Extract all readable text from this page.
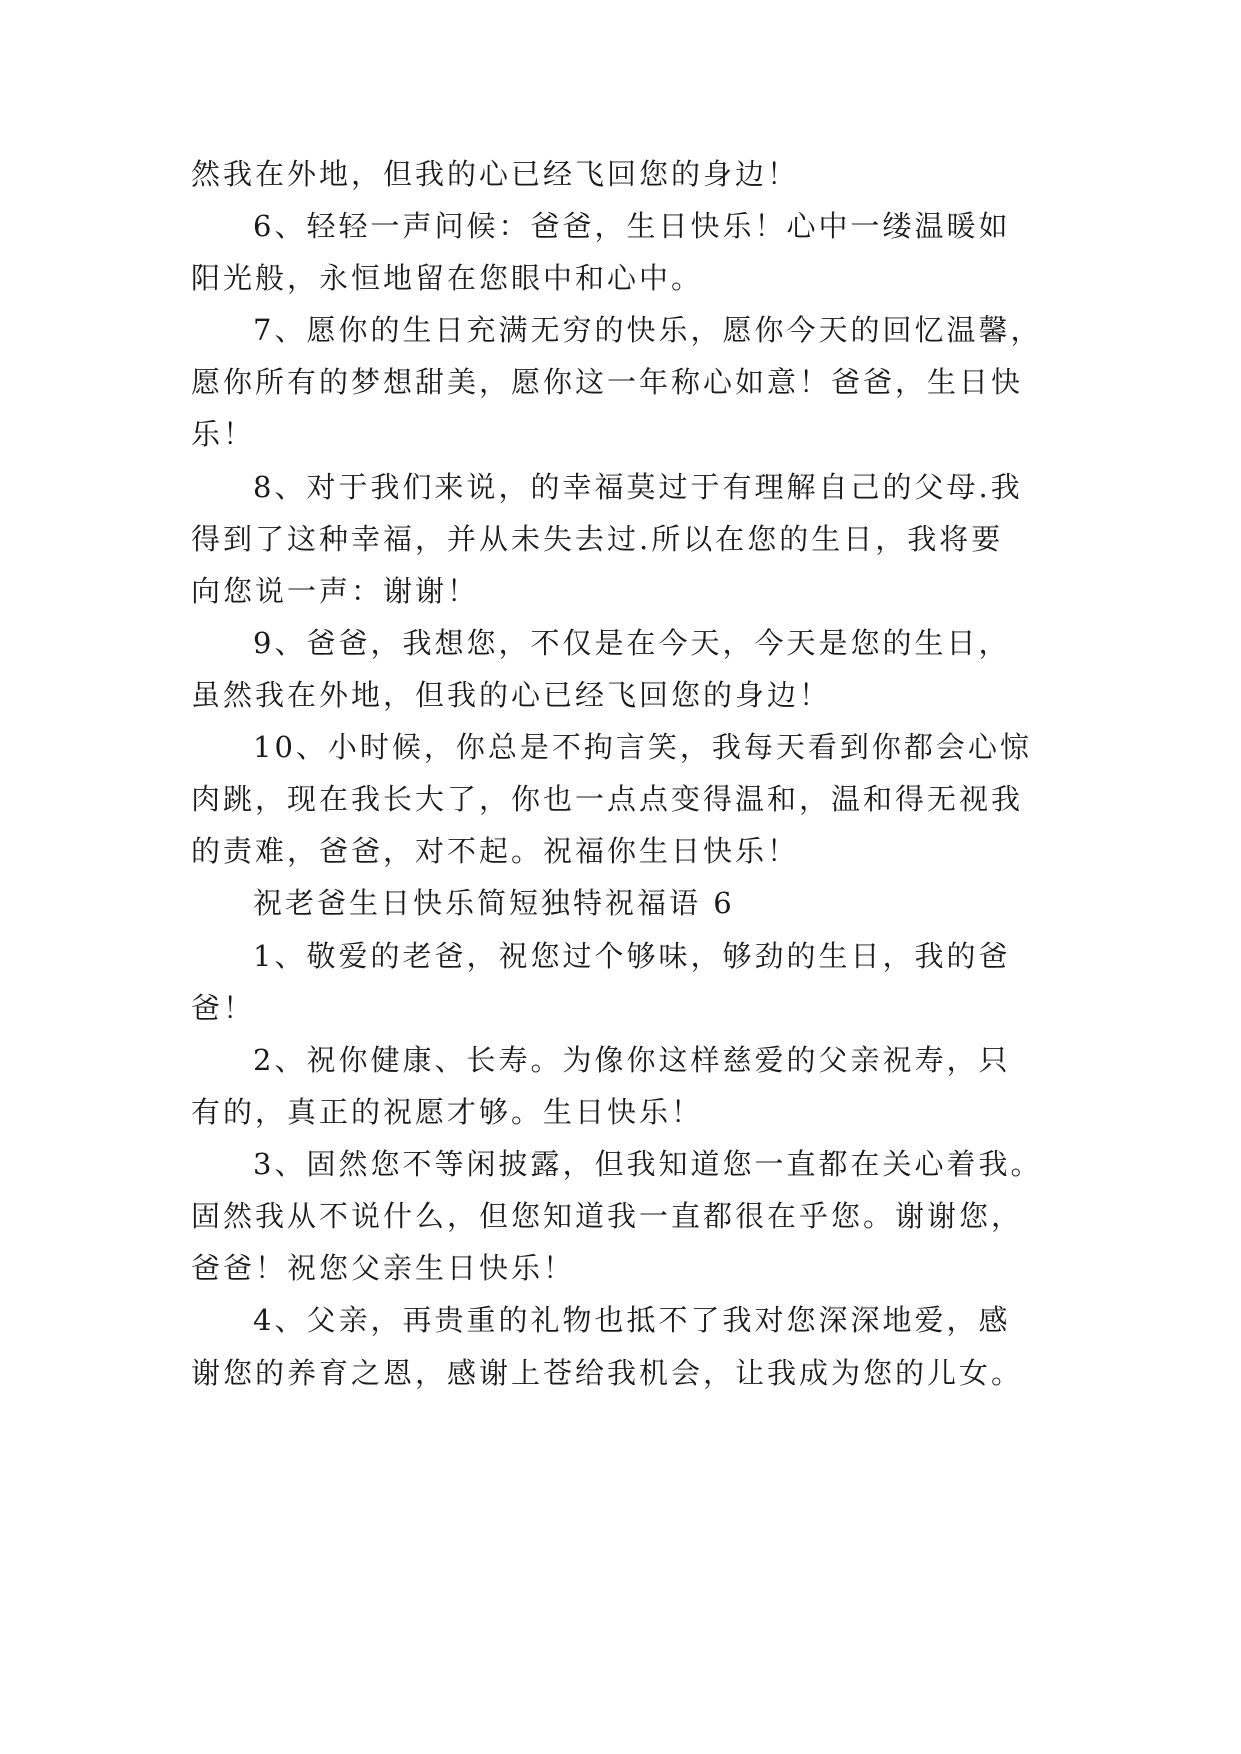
然我在外地，但我的心已经飞回您的身边！
6、轻轻一声问候：爸爸，生日快乐！心中一缕温暖如
阳光般，永恒地留在您眼中和心中。
7、愿你的生日充满无穷的快乐，愿你今天的回忆温馨，
愿你所有的梦想甜美，愿你这一年称心如意！爸爸，生日快
乐！
8、对于我们来说，的幸福莫过于有理解自己的父母.我
得到了这种幸福，并从未失去过.所以在您的生日，我将要
向您说一声：谢谢！
9、爸爸，我想您，不仅是在今天，今天是您的生日，
虽然我在外地，但我的心已经飞回您的身边！
10、小时候，你总是不拘言笑，我每天看到你都会心惊
肉跳，现在我长大了，你也一点点变得温和，温和得无视我
的责难，爸爸，对不起。祝福你生日快乐！
祝老爸生日快乐简短独特祝福语 6
1、敬爱的老爸，祝您过个够味，够劲的生日，我的爸
爸！
2、祝你健康、长寿。为像你这样慈爱的父亲祝寿，只
有的，真正的祝愿才够。生日快乐！
3、固然您不等闲披露，但我知道您一直都在关心着我。
固然我从不说什么，但您知道我一直都很在乎您。谢谢您，
爸爸！祝您父亲生日快乐！
4、父亲，再贵重的礼物也抵不了我对您深深地爱，感
谢您的养育之恩，感谢上苍给我机会，让我成为您的儿女。
